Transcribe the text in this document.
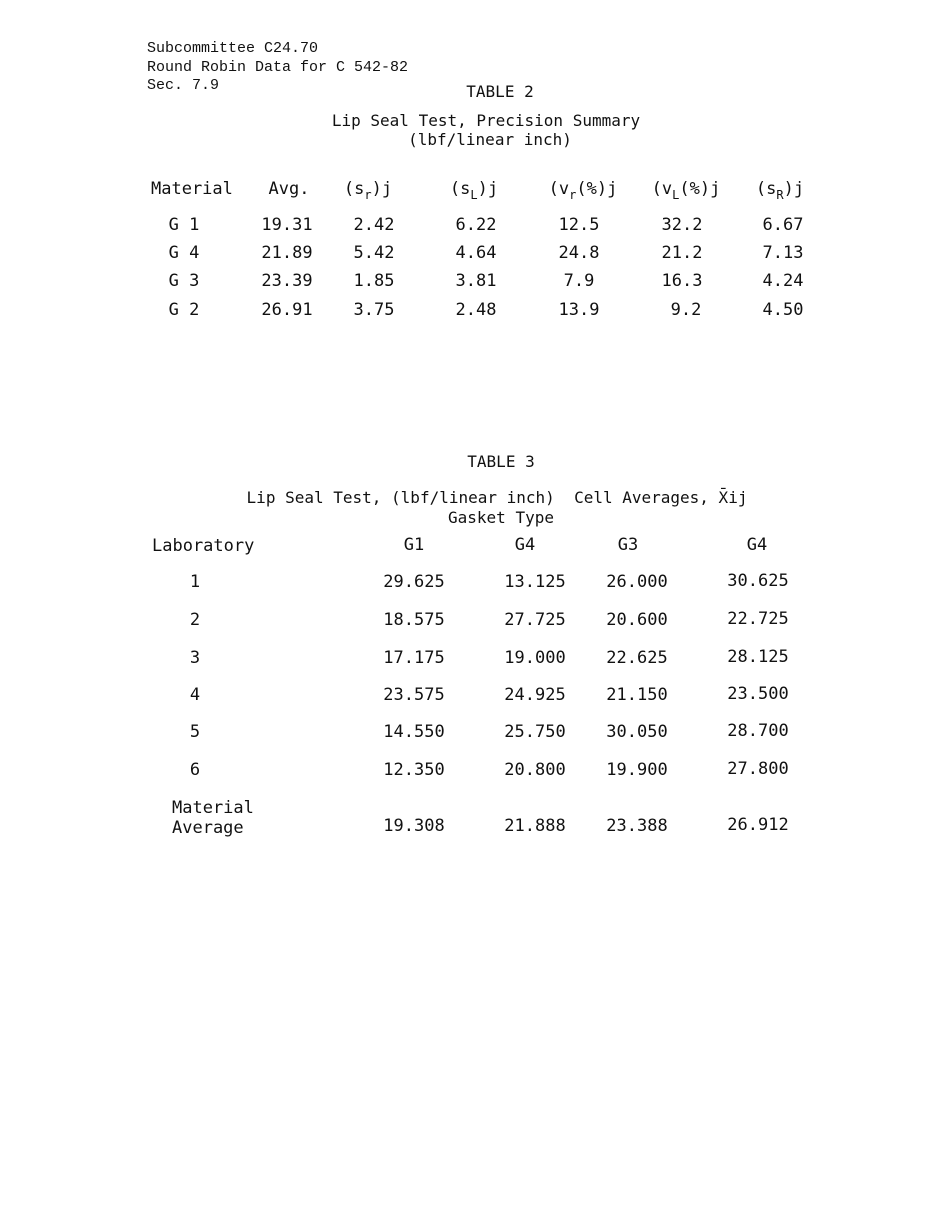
Subcommittee C24.70
Round Robin Data for C 542-82
Sec. 7.9	TABLE 2
Lip Seal Test, Precision Summary
(lbf/linear inch)
Material Avg. $(s_r)j$	$(s_L)j$	($v_r(\%)j$ ($v_L(\%)j$ $(s_R)j$
G 1	19.31 2.42	6.22	12.5	32.2	6.67
G 4	21.89 5.42	4.64	24.8	21.2	7.13
G 3	23.39 1.85	3.81	7.9	16.3	4.24
G 2	26.91 3.75	2.48	13.9	9.2	4.50
TABLE 3
Lip Seal Test, (lbf/linear inch)  Cell Averages, X̄ij
Gasket Type
Laboratory	G1	G4	G3	G4
1	29.625	13.125 26.000	30.625
2	18.575	27.725 20.600	22.725
3	17.175	19.000 22.625	28.125
4	23.575	24.925 21.150	23.500
5	14.550	25.750 30.050	28.700
6	12.350	20.800 19.900	27.800
Material
Average	19.308	21.888 23.388	26.912
